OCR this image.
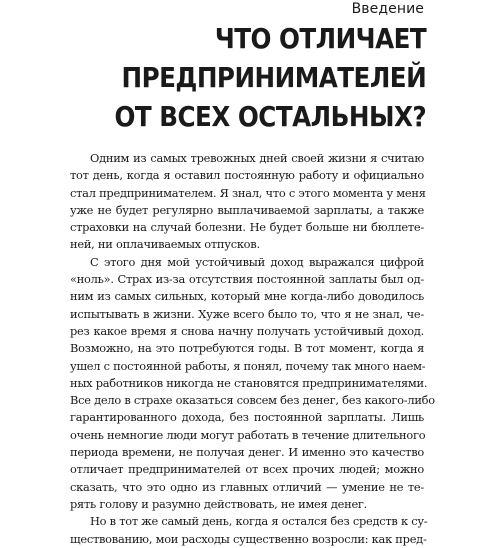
Введение

ЧТО ОТЛИЧАЕТ
ПРЕДПРИНИМАТЕЛЕЙ
ОТ ВСЕХ ОСТАЛЬНЫХ?
Одним из самых тревожных дней своей жизни я считаю
тот день, когда я оставил постоянную работу и официально
стал предпринимателем. Я знал, что с этого момента у меня
уже не будет регулярно выплачиваемой зарплаты, а также
страховки на случай болезни. Не будет больше ни бюллете-
ней, ни оплачиваемых отпусков.
С этого дня мой устойчивый доход выражался цифрой
«ноль». Страх из-за отсутствия постоянной заплаты был од-
ним из самых сильных, который мне когда-либо доводилось
испытывать в жизни. Хуже всего было то, что я не знал, че-
рез какое время я снова начну получать устойчивый доход.
Возможно, на это потребуются годы. В тот момент, когда я
ушел с постоянной работы, я понял, почему так много наем-
ных работников никогда не становятся предпринимателями.
Все дело в страхе оказаться совсем без денег, без какого-либо
гарантированного дохода, без постоянной зарплаты. Лишь
очень немногие люди могут работать в течение длительного
периода времени, не получая денег. И именно это качество
отличает предпринимателей от всех прочих людей; можно
сказать, что это одно из главных отличий — умение не те-
рять голову и разумно действовать, не имея денег.
Но в тот же самый день, когда я остался без средств к су-
ществованию, мои расходы существенно возросли: как пред-
